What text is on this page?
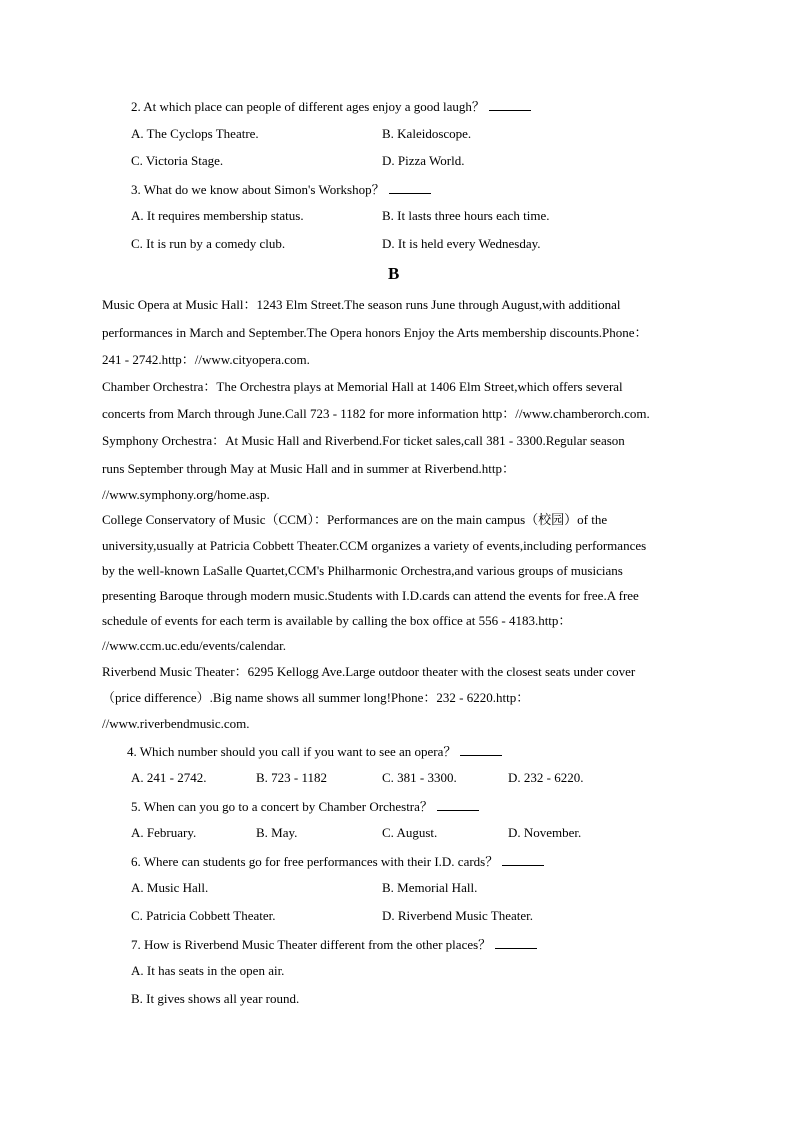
2. At which place can people of different ages enjoy a good laugh？
A. The Cyclops Theatre.	B. Kaleidoscope.
C. Victoria Stage.	D. Pizza World.
3. What do we know about Simon's Workshop？
A. It requires membership status.	B. It lasts three hours each time.
C. It is run by a comedy club.	D. It is held every Wednesday.
B
Music Opera at Music Hall：1243 Elm Street.The season runs June through August,with additional
performances in March and September.The Opera honors Enjoy the Arts membership discounts.Phone：
241 - 2742.http：//www.cityopera.com.
Chamber Orchestra：The Orchestra plays at Memorial Hall at 1406 Elm Street,which offers several
concerts from March through June.Call 723 - 1182 for more information http：//www.chamberorch.com.
Symphony Orchestra：At Music Hall and Riverbend.For ticket sales,call 381 - 3300.Regular season
runs September through May at Music Hall and in summer at Riverbend.http：
//www.symphony.org/home.asp.
College Conservatory of Music（CCM）：Performances are on the main campus（校园）of the
university,usually at Patricia Cobbett Theater.CCM organizes a variety of events,including performances
by the well-known LaSalle Quartet,CCM's Philharmonic Orchestra,and various groups of musicians
presenting Baroque through modern music.Students with I.D.cards can attend the events for free.A free
schedule of events for each term is available by calling the box office at 556 - 4183.http：
//www.ccm.uc.edu/events/calendar.
Riverbend Music Theater：6295 Kellogg Ave.Large outdoor theater with the closest seats under cover
（price difference）.Big name shows all summer long!Phone：232 - 6220.http：
//www.riverbendmusic.com.
4. Which number should you call if you want to see an opera？
A. 241 - 2742.	B. 723 - 1182	C. 381 - 3300.	D. 232 - 6220.
5. When can you go to a concert by Chamber Orchestra？
A. February.	B. May.	C. August.	D. November.
6. Where can students go for free performances with their I.D. cards？
A. Music Hall.	B. Memorial Hall.
C. Patricia Cobbett Theater.	D. Riverbend Music Theater.
7. How is Riverbend Music Theater different from the other places？
A. It has seats in the open air.
B. It gives shows all year round.
